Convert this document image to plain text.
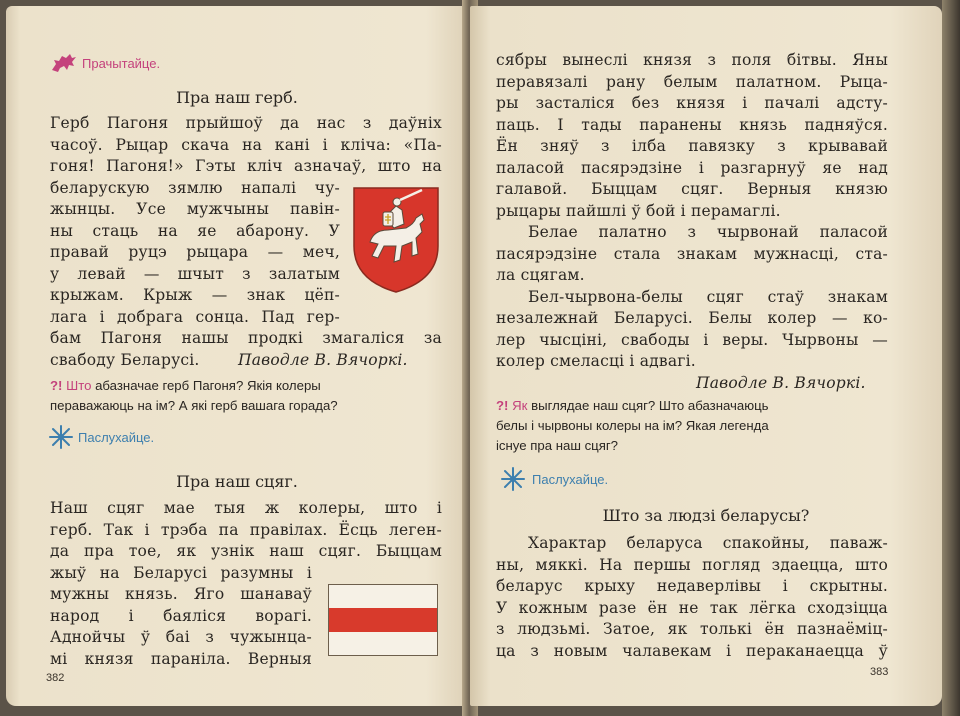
Прачытайце.
Пра наш герб.
Герб Пагоня прыйшоў да нас з даўніх
часоў. Рыцар скача на кані і кліча: «Па-
гоня! Пагоня!» Гэты кліч азначаў, што на
беларускую зямлю напалі чу-
жынцы. Усе мужчыны павін-
ны стаць на яе абарону. У
правай руцэ рыцара — меч,
у левай — шчыт з залатым
крыжам. Крыж — знак цёп-
лага і добрага сонца. Пад гер-
бам Пагоня нашы продкі змагаліся за
свабоду Беларусі. Паводле В. Вячоркі.
?! Што абазначае герб Пагоня? Якія колеры
пераважаюць на ім? А які герб вашага горада?
Паслухайце.
Пра наш сцяг.
Наш сцяг мае тыя ж колеры, што і
герб. Так і трэба па правілах. Ёсць леген-
да пра тое, як узнік наш сцяг. Быццам
жыў на Беларусі разумны і
мужны князь. Яго шанаваў
народ і баяліся ворагі.
Аднойчы ў баі з чужынца-
мі князя параніла. Верныя
382
сябры вынеслі князя з поля бітвы. Яны
перавязалі рану белым палатном. Рыца-
ры засталіся без князя і пачалі адсту-
паць. І тады паранены князь падняўся.
Ён зняў з ілба павязку з крывавай
паласой пасярэдзіне і разгарнуў яе над
галавой. Быццам сцяг. Верныя князю
рыцары пайшлі ў бой і перамаглі.
Белае палатно з чырвонай паласой
пасярэдзіне стала знакам мужнасці, ста-
ла сцягам.
Бел-чырвона-белы сцяг стаў знакам
незалежнай Беларусі. Белы колер — ко-
лер чысціні, свабоды і веры. Чырвоны —
колер смеласці і адвагі.
Паводле В. Вячоркі.
?! Як выглядае наш сцяг? Што абазначаюць
белы і чырвоны колеры на ім? Якая легенда
існуе пра наш сцяг?
Паслухайце.
Што за людзі беларусы?
Характар беларуса спакойны, паваж-
ны, мяккі. На першы погляд здаецца, што
беларус крыху недаверлівы і скрытны.
У кожным разе ён не так лёгка сходзіцца
з людзьмі. Затое, як толькі ён пазнаёміц-
ца з новым чалавекам і пераканаецца ў
383
